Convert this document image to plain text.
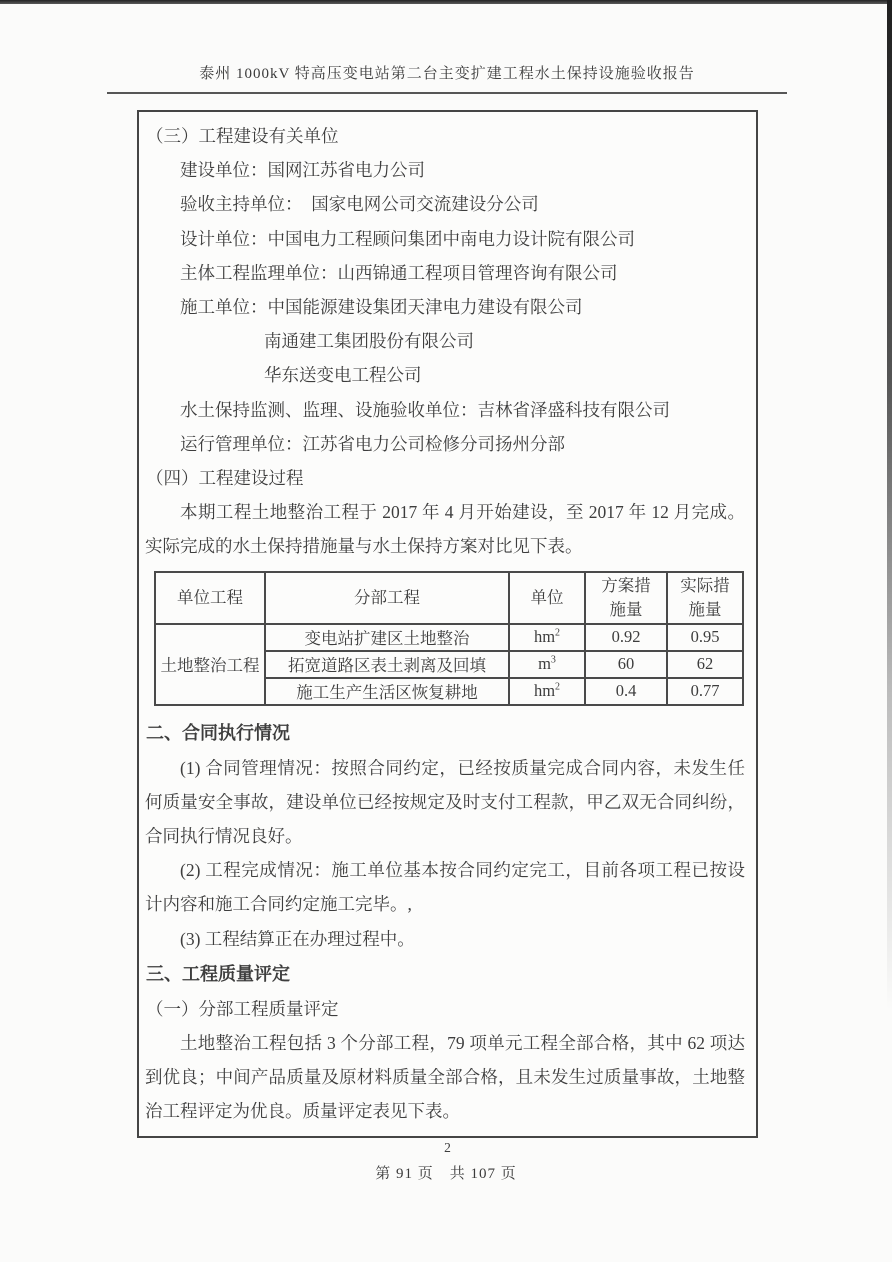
泰州 1000kV 特高压变电站第二台主变扩建工程水土保持设施验收报告
（三）工程建设有关单位
建设单位：国网江苏省电力公司
验收主持单位：　国家电网公司交流建设分公司
设计单位：中国电力工程顾问集团中南电力设计院有限公司
主体工程监理单位：山西锦通工程项目管理咨询有限公司
施工单位：中国能源建设集团天津电力建设有限公司
南通建工集团股份有限公司
华东送变电工程公司
水土保持监测、监理、设施验收单位：吉林省泽盛科技有限公司
运行管理单位：江苏省电力公司检修分司扬州分部
（四）工程建设过程

本期工程土地整治工程于 2017 年 4 月开始建设，至 2017 年 12 月完成。实际完成的水土保持措施量与水土保持方案对比见下表。

单位工程	分部工程	单位	方案措施量	实际措施量
土地整治工程	变电站扩建区土地整治	$hm^2$	0.92	0.95
	拓宽道路区表土剥离及回填	$m^3$	60	62
	施工生产生活区恢复耕地	$hm^2$	0.4	0.77
二、合同执行情况

(1) 合同管理情况：按照合同约定，已经按质量完成合同内容，未发生任何质量安全事故，建设单位已经按规定及时支付工程款，甲乙双无合同纠纷，合同执行情况良好。

(2) 工程完成情况：施工单位基本按合同约定完工，目前各项工程已按设计内容和施工合同约定施工完毕。,

(3) 工程结算正在办理过程中。

三、工程质量评定
（一）分部工程质量评定

土地整治工程包括 3 个分部工程，79 项单元工程全部合格，其中 62 项达到优良；中间产品质量及原材料质量全部合格，且未发生过质量事故，土地整治工程评定为优良。质量评定表见下表。

2
第 91 页　共 107 页
